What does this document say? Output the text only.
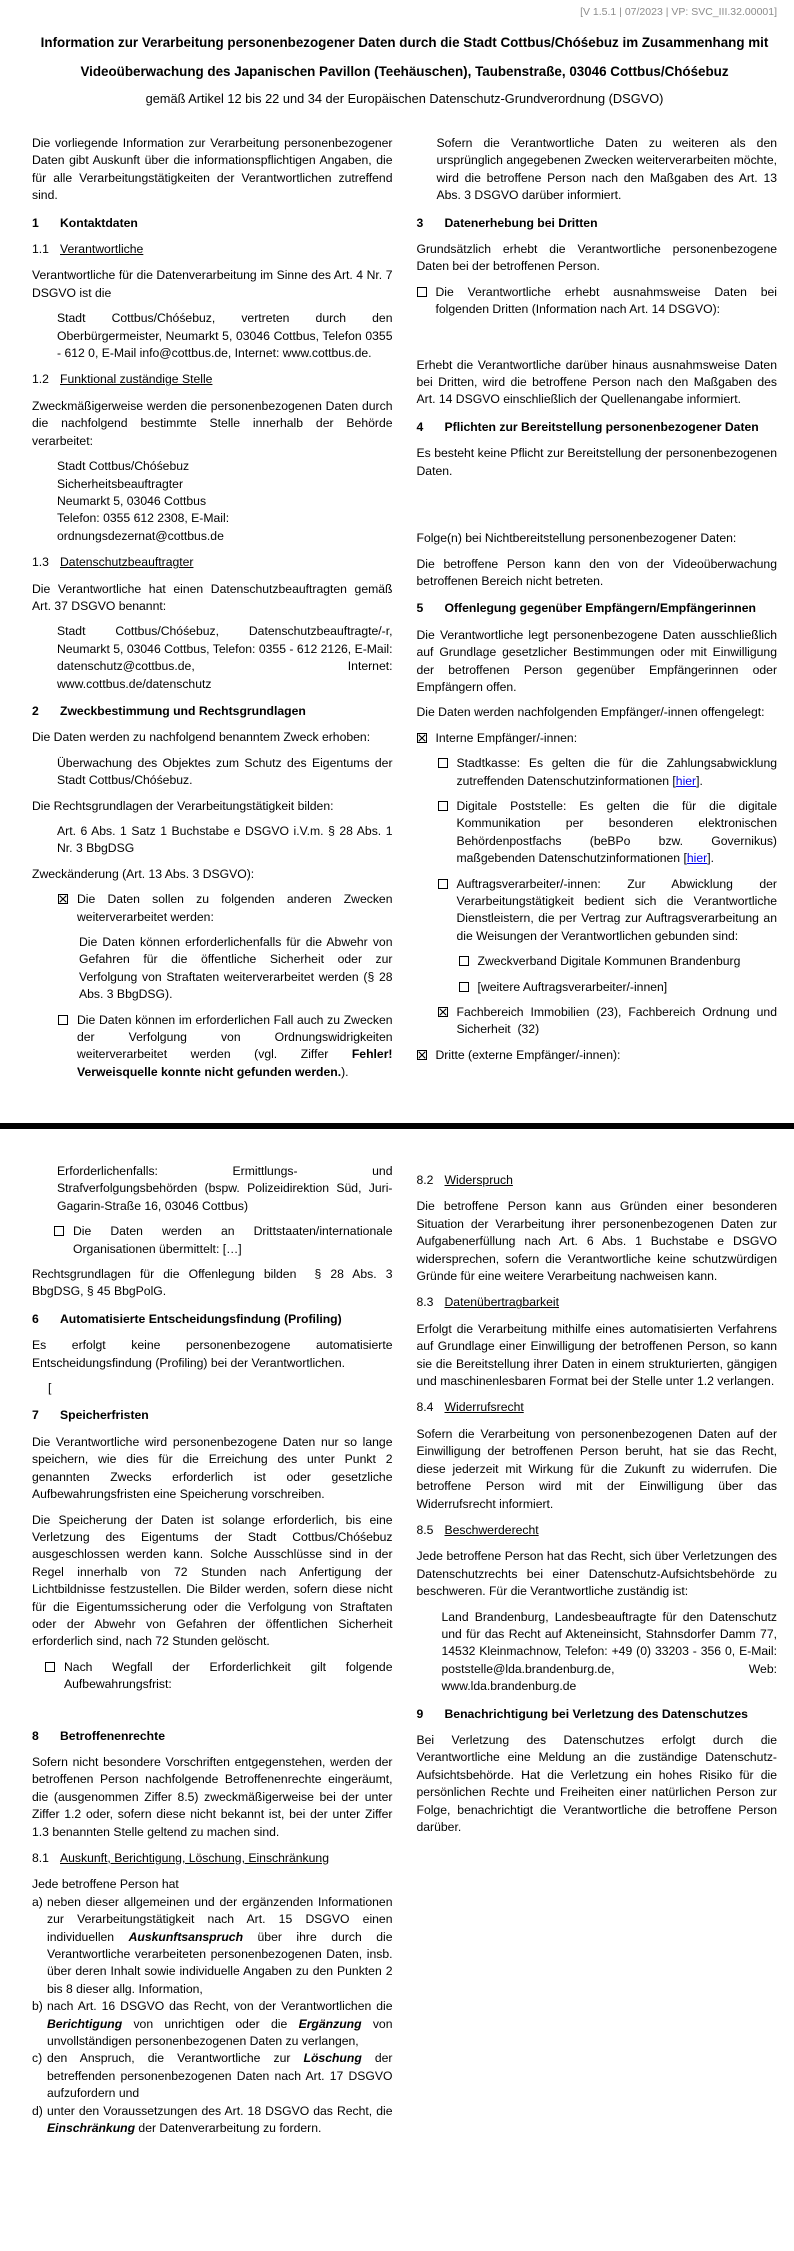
[V 1.5.1 | 07/2023 | VP: SVC_III.32.00001]
Information zur Verarbeitung personenbezogener Daten durch die Stadt Cottbus/Chóśebuz im Zusammenhang mit
Videoüberwachung des Japanischen Pavillon (Teehäuschen), Taubenstraße, 03046 Cottbus/Chóśebuz
gemäß Artikel 12 bis 22 und 34 der Europäischen Datenschutz-Grundverordnung (DSGVO)
Die vorliegende Information zur Verarbeitung personenbezogener Daten gibt Auskunft über die informationspflichtigen Angaben, die für alle Verarbeitungstätigkeiten der Verantwortlichen zutreffend sind.
1	Kontaktdaten
1.1 Verantwortliche
Verantwortliche für die Datenverarbeitung im Sinne des Art. 4 Nr. 7 DSGVO ist die
Stadt Cottbus/Chóśebuz, vertreten durch den Oberbürgermeister, Neumarkt 5, 03046 Cottbus, Telefon 0355 - 612 0, E-Mail info@cottbus.de, Internet: www.cottbus.de.
1.2 Funktional zuständige Stelle
Zweckmäßigerweise werden die personenbezogenen Daten durch die nachfolgend bestimmte Stelle innerhalb der Behörde verarbeitet:
Stadt Cottbus/Chóśebuz
Sicherheitsbeauftragter
Neumarkt 5, 03046 Cottbus
Telefon: 0355 612 2308, E-Mail: ordnungsdezernat@cottbus.de
1.3 Datenschutzbeauftragter
Die Verantwortliche hat einen Datenschutzbeauftragten gemäß Art. 37 DSGVO benannt:
Stadt Cottbus/Chóśebuz, Datenschutzbeauftragte/-r, Neumarkt 5, 03046 Cottbus, Telefon: 0355 - 612 2126, E-Mail: datenschutz@cottbus.de, Internet: www.cottbus.de/datenschutz
2	Zweckbestimmung und Rechtsgrundlagen
Die Daten werden zu nachfolgend benanntem Zweck erhoben:
Überwachung des Objektes zum Schutz des Eigentums der Stadt Cottbus/Chóśebuz.
Die Rechtsgrundlagen der Verarbeitungstätigkeit bilden:
Art. 6 Abs. 1 Satz 1 Buchstabe e DSGVO i.V.m. § 28 Abs. 1 Nr. 3 BbgDSG
Zweckänderung (Art. 13 Abs. 3 DSGVO):
Die Daten sollen zu folgenden anderen Zwecken weiterverarbeitet werden:
Die Daten können erforderlichenfalls für die Abwehr von Gefahren für die öffentliche Sicherheit oder zur Verfolgung von Straftaten weiterverarbeitet werden (§ 28 Abs. 3 BbgDSG).
Die Daten können im erforderlichen Fall auch zu Zwecken der Verfolgung von Ordnungswidrigkeiten weiterverarbeitet werden (vgl. Ziffer Fehler! Verweisquelle konnte nicht gefunden werden.).
Sofern die Verantwortliche Daten zu weiteren als den ursprünglich angegebenen Zwecken weiterverarbeiten möchte, wird die betroffene Person nach den Maßgaben des Art. 13 Abs. 3 DSGVO darüber informiert.
3	Datenerhebung bei Dritten
Grundsätzlich erhebt die Verantwortliche personenbezogene Daten bei der betroffenen Person.
Die Verantwortliche erhebt ausnahmsweise Daten bei folgenden Dritten (Information nach Art. 14 DSGVO):
Erhebt die Verantwortliche darüber hinaus ausnahmsweise Daten bei Dritten, wird die betroffene Person nach den Maßgaben des Art. 14 DSGVO einschließlich der Quellenangabe informiert.
4	Pflichten zur Bereitstellung personenbezogener Daten
Es besteht keine Pflicht zur Bereitstellung der personenbezogenen Daten.
Folge(n) bei Nichtbereitstellung personenbezogener Daten:
Die betroffene Person kann den von der Videoüberwachung betroffenen Bereich nicht betreten.
5	Offenlegung gegenüber Empfängern/Empfängerinnen
Die Verantwortliche legt personenbezogene Daten ausschließlich auf Grundlage gesetzlicher Bestimmungen oder mit Einwilligung der betroffenen Person gegenüber Empfängerinnen oder Empfängern offen.
Die Daten werden nachfolgenden Empfänger/-innen offengelegt:
Interne Empfänger/-innen:
Stadtkasse: Es gelten die für die Zahlungsabwicklung zutreffenden Datenschutzinformationen [hier].
Digitale Poststelle: Es gelten die für die digitale Kommunikation per besonderen elektronischen Behördenpostfachs (beBPo bzw. Governikus) maßgebenden Datenschutzinformationen [hier].
Auftragsverarbeiter/-innen: Zur Abwicklung der Verarbeitungstätigkeit bedient sich die Verantwortliche Dienstleistern, die per Vertrag zur Auftragsverarbeitung an die Weisungen der Verantwortlichen gebunden sind:
Zweckverband Digitale Kommunen Brandenburg
[weitere Auftragsverarbeiter/-innen]
Fachbereich Immobilien (23), Fachbereich Ordnung und Sicherheit  (32)
Dritte (externe Empfänger/-innen):
Erforderlichenfalls: Ermittlungs- und Strafverfolgungsbehörden (bspw. Polizeidirektion Süd, Juri-Gagarin-Straße 16, 03046 Cottbus)
Die Daten werden an Drittstaaten/internationale Organisationen übermittelt: […]
Rechtsgrundlagen für die Offenlegung bilden  § 28 Abs. 3 BbgDSG, § 45 BbgPolG.
6	Automatisierte Entscheidungsfindung (Profiling)
Es erfolgt keine personenbezogene automatisierte Entscheidungsfindung (Profiling) bei der Verantwortlichen.
[
7	Speicherfristen
Die Verantwortliche wird personenbezogene Daten nur so lange speichern, wie dies für die Erreichung des unter Punkt 2 genannten Zwecks erforderlich ist oder gesetzliche Aufbewahrungsfristen eine Speicherung vorschreiben.
Die Speicherung der Daten ist solange erforderlich, bis eine Verletzung des Eigentums der Stadt Cottbus/Chóśebuz ausgeschlossen werden kann. Solche Ausschlüsse sind in der Regel innerhalb von 72 Stunden nach Anfertigung der Lichtbildnisse festzustellen. Die Bilder werden, sofern diese nicht für die Eigentumssicherung oder die Verfolgung von Straftaten oder der Abwehr von Gefahren der öffentlichen Sicherheit erforderlich sind, nach 72 Stunden gelöscht.
Nach Wegfall der Erforderlichkeit gilt folgende Aufbewahrungsfrist:
8	Betroffenenrechte
Sofern nicht besondere Vorschriften entgegenstehen, werden der betroffenen Person nachfolgende Betroffenenrechte eingeräumt, die (ausgenommen Ziffer 8.5) zweckmäßigerweise bei der unter Ziffer 1.2 oder, sofern diese nicht bekannt ist, bei der unter Ziffer 1.3 benannten Stelle geltend zu machen sind.
8.1 Auskunft, Berichtigung, Löschung, Einschränkung
Jede betroffene Person hat
a) neben dieser allgemeinen und der ergänzenden Informationen zur Verarbeitungstätigkeit nach Art. 15 DSGVO einen individuellen Auskunftsanspruch über ihre durch die Verantwortliche verarbeiteten personenbezogenen Daten, insb. über deren Inhalt sowie individuelle Angaben zu den Punkten 2 bis 8 dieser allg. Information,
b) nach Art. 16 DSGVO das Recht, von der Verantwortlichen die Berichtigung von unrichtigen oder die Ergänzung von unvollständigen personenbezogenen Daten zu verlangen,
c) den Anspruch, die Verantwortliche zur Löschung der betreffenden personenbezogenen Daten nach Art. 17 DSGVO aufzufordern und
d) unter den Voraussetzungen des Art. 18 DSGVO das Recht, die Einschränkung der Datenverarbeitung zu fordern.
8.2 Widerspruch
Die betroffene Person kann aus Gründen einer besonderen Situation der Verarbeitung ihrer personenbezogenen Daten zur Aufgabenerfüllung nach Art. 6 Abs. 1 Buchstabe e DSGVO widersprechen, sofern die Verantwortliche keine schutzwürdigen Gründe für eine weitere Verarbeitung nachweisen kann.
8.3 Datenübertragbarkeit
Erfolgt die Verarbeitung mithilfe eines automatisierten Verfahrens auf Grundlage einer Einwilligung der betroffenen Person, so kann sie die Bereitstellung ihrer Daten in einem strukturierten, gängigen und maschinenlesbaren Format bei der Stelle unter 1.2 verlangen.
8.4 Widerrufsrecht
Sofern die Verarbeitung von personenbezogenen Daten auf der Einwilligung der betroffenen Person beruht, hat sie das Recht, diese jederzeit mit Wirkung für die Zukunft zu widerrufen. Die betroffene Person wird mit der Einwilligung über das Widerrufsrecht informiert.
8.5 Beschwerderecht
Jede betroffene Person hat das Recht, sich über Verletzungen des Datenschutzrechts bei einer Datenschutz-Aufsichtsbehörde zu beschweren. Für die Verantwortliche zuständig ist:
Land Brandenburg, Landesbeauftragte für den Datenschutz und für das Recht auf Akteneinsicht, Stahnsdorfer Damm 77, 14532 Kleinmachnow, Telefon: +49 (0) 33203 - 356 0, E-Mail: poststelle@lda.brandenburg.de, Web: www.lda.brandenburg.de
9	Benachrichtigung bei Verletzung des Datenschutzes
Bei Verletzung des Datenschutzes erfolgt durch die Verantwortliche eine Meldung an die zuständige Datenschutz-Aufsichtsbehörde. Hat die Verletzung ein hohes Risiko für die persönlichen Rechte und Freiheiten einer natürlichen Person zur Folge, benachrichtigt die Verantwortliche die betroffene Person darüber.
